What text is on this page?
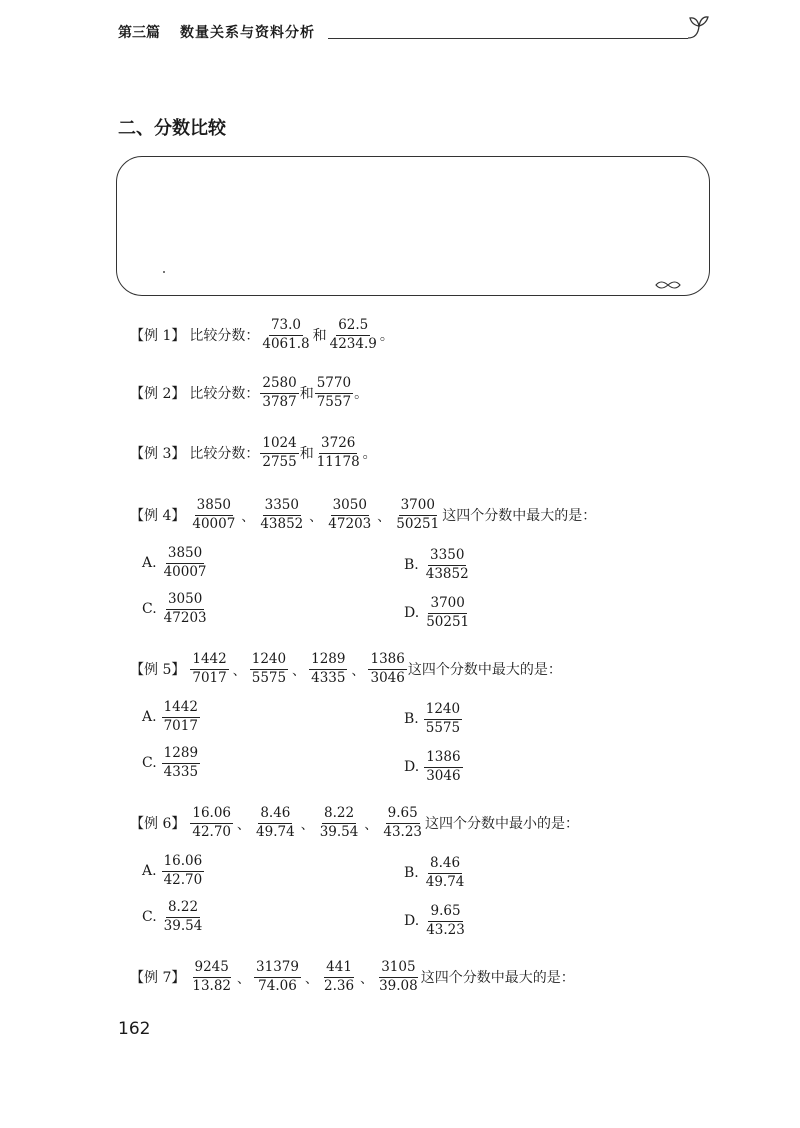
第三篇 数量关系与资料分析
二、分数比较
【例 1】 比较分数： $\frac{73.0}{4061.8}$ 和 $\frac{62.5}{4234.9}$ 。
【例 2】 比较分数： $\frac{2580}{3787}$ 和 $\frac{5770}{7557}$ 。
【例 3】 比较分数： $\frac{1024}{2755}$ 和 $\frac{3726}{11178}$ 。
【例 4】 $\frac{3850}{40007}$ 、 $\frac{3350}{43852}$ 、 $\frac{3050}{47203}$ 、 $\frac{3700}{50251}$ 这四个分数中最大的是：
A. $\frac{3850}{40007}$	B. $\frac{3350}{43852}$
C. $\frac{3050}{47203}$	D. $\frac{3700}{50251}$
【例 5】 $\frac{1442}{7017}$ 、 $\frac{1240}{5575}$ 、 $\frac{1289}{4335}$ 、 $\frac{1386}{3046}$ 这四个分数中最大的是：
A. $\frac{1442}{7017}$	B. $\frac{1240}{5575}$
C. $\frac{1289}{4335}$	D. $\frac{1386}{3046}$
【例 6】 $\frac{16.06}{42.70}$ 、 $\frac{8.46}{49.74}$ 、 $\frac{8.22}{39.54}$ 、 $\frac{9.65}{43.23}$ 这四个分数中最小的是：
A. $\frac{16.06}{42.70}$	B. $\frac{8.46}{49.74}$
C. $\frac{8.22}{39.54}$	D. $\frac{9.65}{43.23}$
【例 7】 $\frac{9245}{13.82}$ 、 $\frac{31379}{74.06}$ 、 $\frac{441}{2.36}$ 、 $\frac{3105}{39.08}$ 这四个分数中最大的是：
162
